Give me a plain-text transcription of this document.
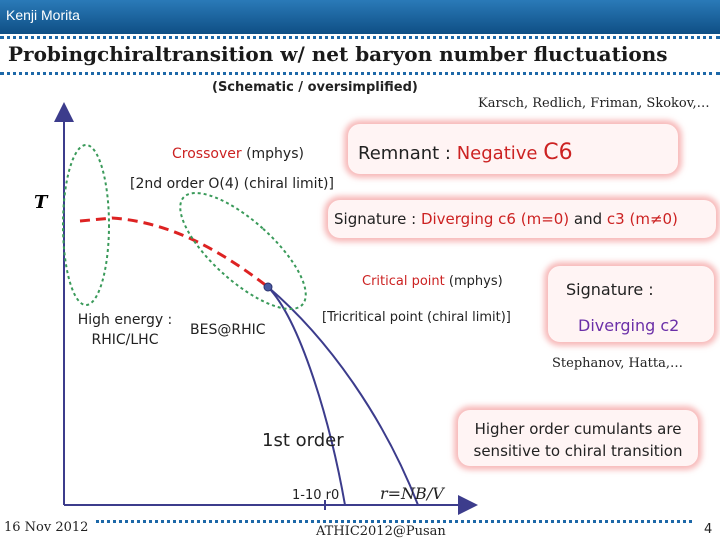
Kenji Morita
Probingchiraltransition w/ net baryon number fluctuations
(Schematic / oversimplified)
Karsch, Redlich, Friman, Skokov,…
T
Crossover (mphys)
[2nd order O(4) (chiral limit)]
Critical point (mphys)
[Tricritical point (chiral limit)]
High energy :
RHIC/LHC
BES@RHIC
1st order
1-10 r0	r=NB/V
Remnant : Negative C6
Signature : Diverging c6 (m=0) and c3 (m≠0)
Signature :
Diverging c2
Stephanov, Hatta,…
Higher order cumulants are
sensitive to chiral transition
16 Nov 2012	ATHIC2012@Pusan	4
